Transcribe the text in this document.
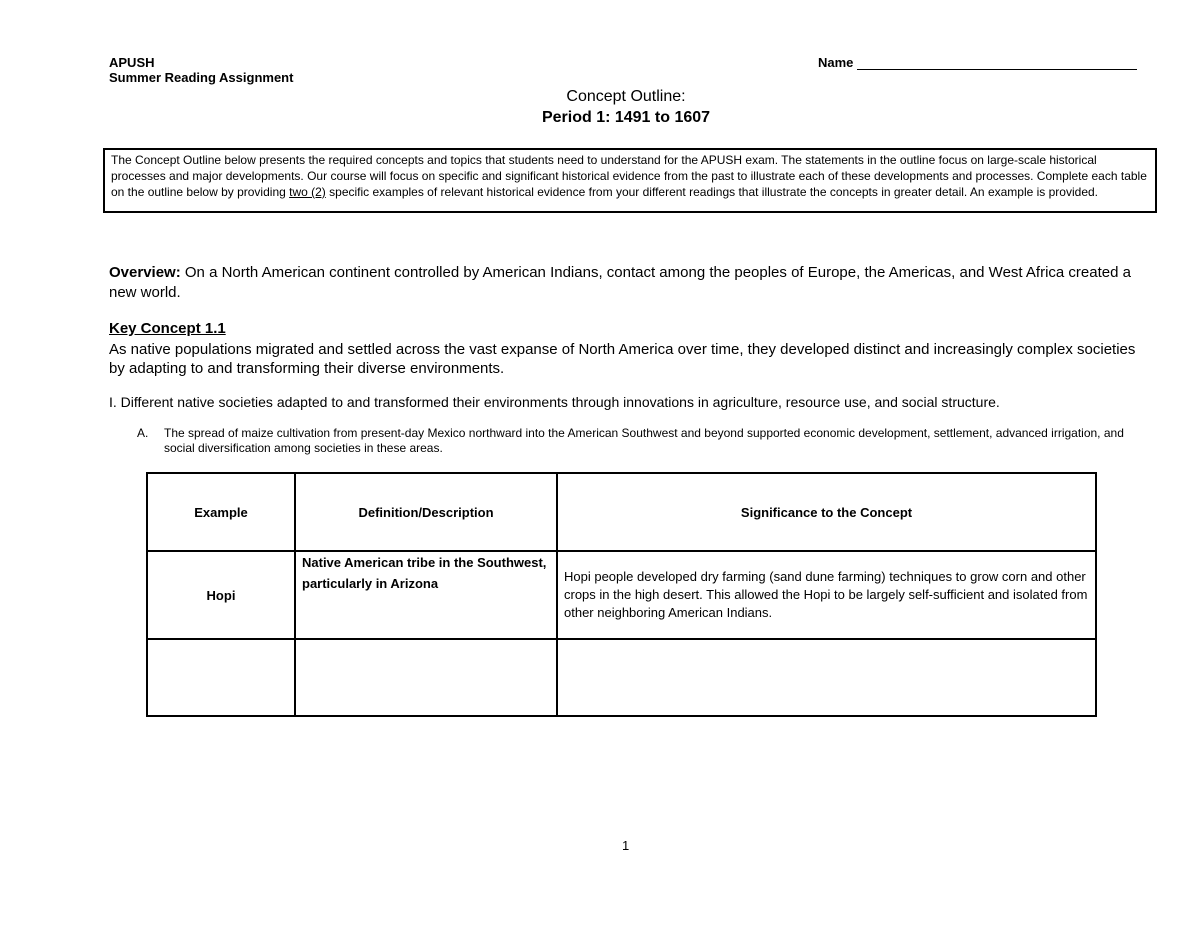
APUSH
Summer Reading Assignment
Name
Concept Outline:
Period 1: 1491 to 1607
The Concept Outline below presents the required concepts and topics that students need to understand for the APUSH exam. The statements in the outline focus on large-scale historical processes and major developments. Our course will focus on specific and significant historical evidence from the past to illustrate each of these developments and processes. Complete each table on the outline below by providing two (2) specific examples of relevant historical evidence from your different readings that illustrate the concepts in greater detail. An example is provided.
Overview: On a North American continent controlled by American Indians, contact among the peoples of Europe, the Americas, and West Africa created a new world.
Key Concept 1.1
As native populations migrated and settled across the vast expanse of North America over time, they developed distinct and increasingly complex societies by adapting to and transforming their diverse environments.
I. Different native societies adapted to and transformed their environments through innovations in agriculture, resource use, and social structure.
A. The spread of maize cultivation from present-day Mexico northward into the American Southwest and beyond supported economic development, settlement, advanced irrigation, and social diversification among societies in these areas.
Example	Definition/Description	Significance to the Concept
Hopi	Native American tribe in the Southwest, particularly in Arizona	Hopi people developed dry farming (sand dune farming) techniques to grow corn and other crops in the high desert. This allowed the Hopi to be largely self-sufficient and isolated from other neighboring American Indians.

1
